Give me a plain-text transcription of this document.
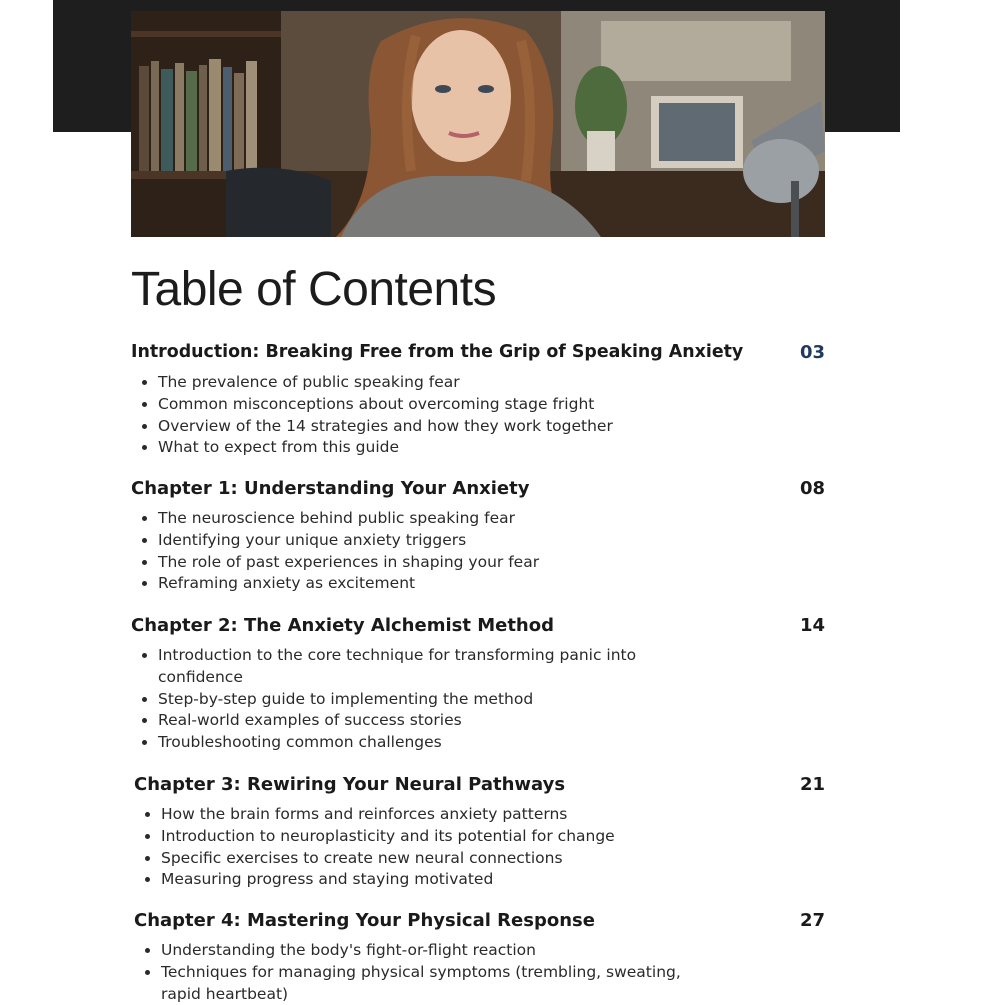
Table of Contents
Introduction: Breaking Free from the Grip of Speaking Anxiety	03
The prevalence of public speaking fear
Common misconceptions about overcoming stage fright
Overview of the 14 strategies and how they work together
What to expect from this guide
Chapter 1: Understanding Your Anxiety	08
The neuroscience behind public speaking fear
Identifying your unique anxiety triggers
The role of past experiences in shaping your fear
Reframing anxiety as excitement
Chapter 2: The Anxiety Alchemist Method	14
Introduction to the core technique for transforming panic into confidence
Step-by-step guide to implementing the method
Real-world examples of success stories
Troubleshooting common challenges
Chapter 3: Rewiring Your Neural Pathways	21
How the brain forms and reinforces anxiety patterns
Introduction to neuroplasticity and its potential for change
Specific exercises to create new neural connections
Measuring progress and staying motivated
Chapter 4: Mastering Your Physical Response	27
Understanding the body's fight-or-flight reaction
Techniques for managing physical symptoms (trembling, sweating, rapid heartbeat)
